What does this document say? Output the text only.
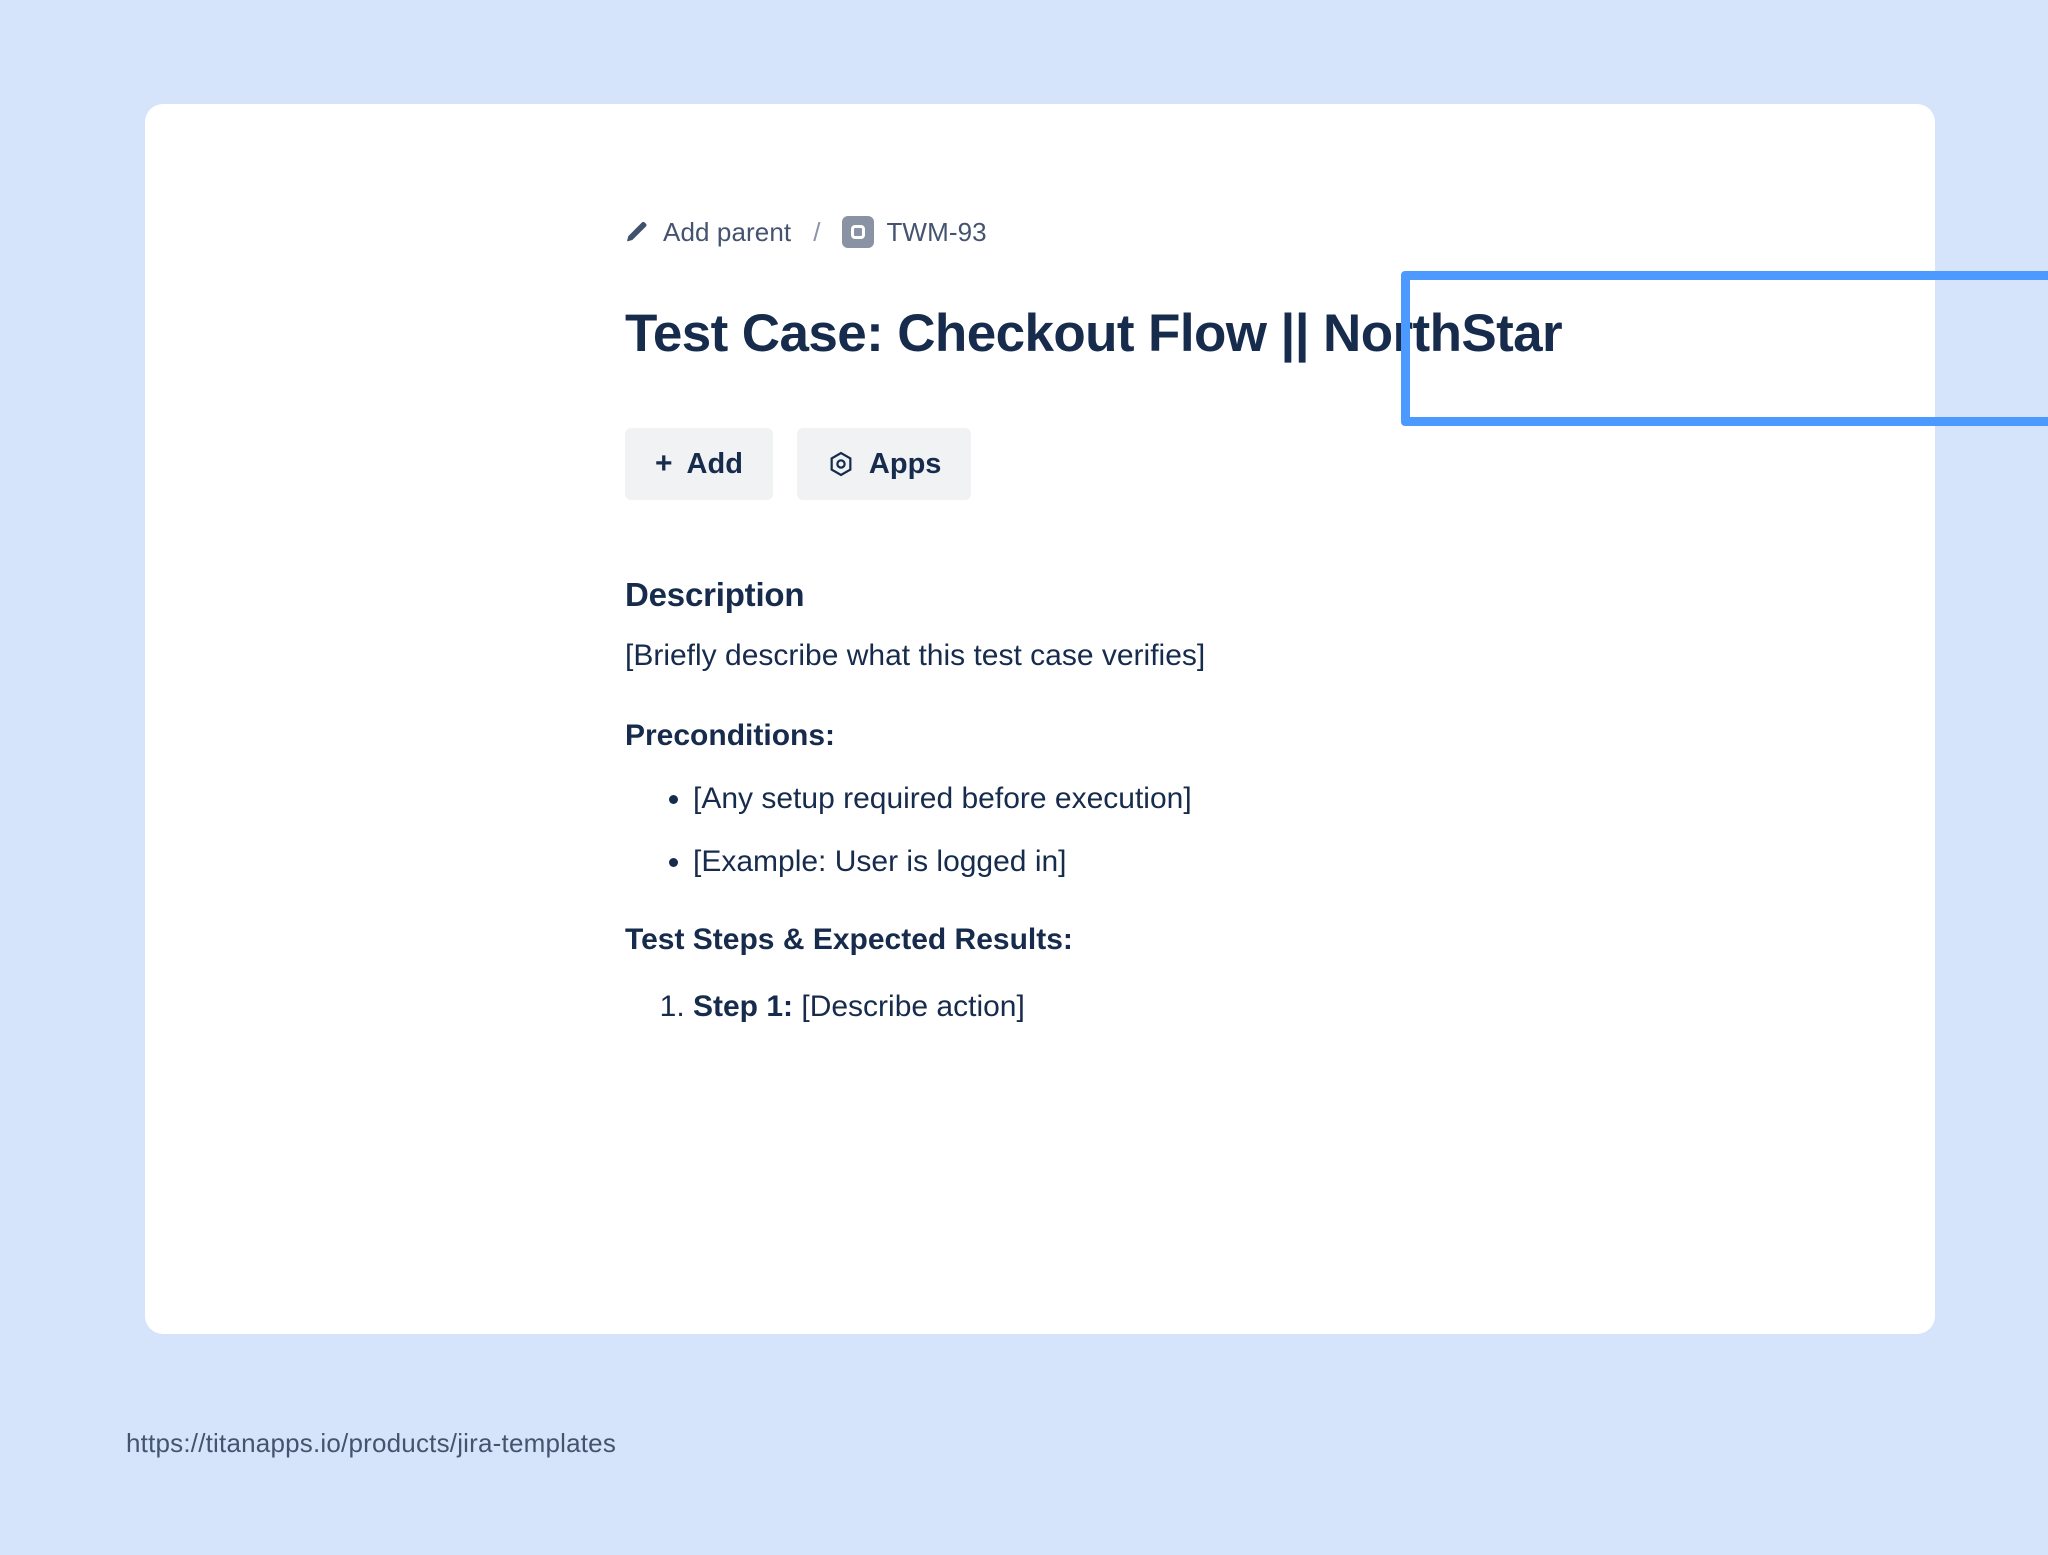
Add parent /	TWM-93
Test Case: Checkout Flow || NorthStar
+ Add	Apps
Description
[Briefly describe what this test case verifies]
Preconditions:
• [Any setup required before execution]
• [Example: User is logged in]
Test Steps & Expected Results:
1. Step 1: [Describe action]
https://titanapps.io/products/jira-templates
